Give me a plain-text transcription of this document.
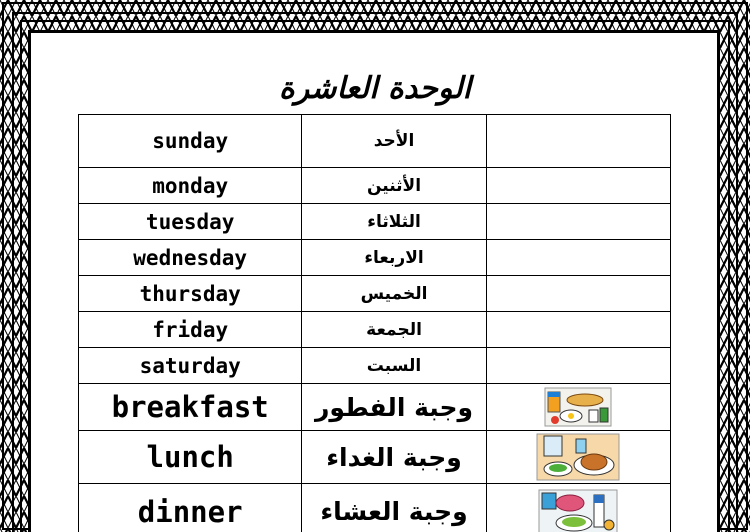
الوحدة العاشرة
sunday	الأحد	
monday	الأثنين	
tuesday	الثلاثاء	
wednesday	الاربعاء	
thursday	الخميس	
friday	الجمعة	
saturday	السبت	
breakfast	وجبة الفطور	

lunch	وجبة الغداء	

dinner	وجبة العشاء	
